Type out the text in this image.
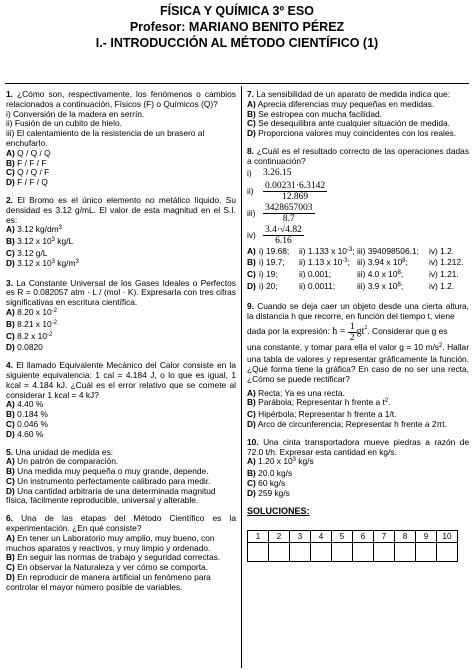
FÍSICA Y QUÍMICA 3º ESO
Profesor: MARIANO BENITO PÉREZ
I.- INTRODUCCIÓN AL MÉTODO CIENTÍFICO (1)
1. ¿Cómo son, respectivamente, los fenómenos o cambios relacionados a continuación, Físicos (F) o Químicos (Q)?
i) Conversión de la madera en serrín.
ii) Fusión de un cubito de hielo.
iii) El calentamiento de la resistencia de un brasero al enchufarlo.
A) Q / Q / Q
B) F / F / F
C) Q / Q / F
D) F / F / Q
2. El Bromo es el único elemento no metálico líquido. Su densidad es 3.12 g/mL. El valor de esta magnitud en el S.I. es:
A) 3.12 $kg/dm^3$
B) 3.12 x $10^3$ kg/L
C) 3.12 g/L
D) 3.12 x $10^3$ $kg/m^3$
3. La Constante Universal de los Gases Ideales o Perfectos es R = 0.082057 atm · L / (mol · K). Expresarla con tres cifras significativas en escritura científica.
A) 8.20 x $10^{-2}$
B) 8.21 x $10^{-2}$
C) 8.2 x $10^{-2}$
D) 0.0820
4. El llamado Equivalente Mecánico del Calor consiste en la siguiente equivalencia: 1 cal = 4.184 J, o lo que es igual, 1 kcal = 4.184 kJ. ¿Cuál es el error relativo que se comete al considerar 1 kcal = 4 kJ?
A) 4.40 %
B) 0.184 %
C) 0.046 %
D) 4.60 %
5. Una unidad de medida es:
A) Un patrón de comparación.
B) Una medida muy pequeña o muy grande, depende.
C) Un instrumento perfectamente calibrado para medir.
D) Una cantidad arbitraria de una determinada magnitud física, fácilmente reproducible, universal y alterable.
6. Una de las etapas del Método Científico es la experimentación. ¿En qué consiste?
A) En tener un Laboratorio muy amplio, muy bueno, con muchos aparatos y reactivos, y muy limpio y ordenado.
B) En seguir las normas de trabajo y seguridad correctas.
C) En observar la Naturaleza y ver cómo se comporta.
D) En reproducir de manera artificial un fenómeno para controlar el mayor número posible de variables.
7. La sensibilidad de un aparato de medida indica que:
A) Aprecia diferencias muy pequeñas en medidas.
B) Se estropea con mucha facilidad.
C) Se desequilibra ante cualquier situación de medida.
D) Proporciona valores muy coincidentes con los reales.
8. ¿Cuál es el resultado correcto de las operaciones dadas a continuación?
i)	3.26.15
$ii) \frac{0.00231\cdot 6.3142}{12.869}$
$iii) \frac{3428657003}{8.7}$
$iv) \frac{3.4\cdot√4.82}{6.16}$
A) i) 19.68;	ii) 1.133 x $10^{-3}$; iii) 394098506.1;	iv) 1.2.
B) i) 19.7;	ii) 1.13 x $10^{-3}$; iii) 3.94 x $10^8$;	iv) 1.212.
C) i) 19;	ii) 0.001;	iii) 4.0 x $10^8$;	iv) 1.21.
D) i) 20;	ii) 0.0011;	iii) 3.9 x $10^8$;	iv) 1.2.
9. Cuando se deja caer un objeto desde una cierta altura, la distancia h que recorre, en función del tiempo t, viene
dada por la expresión:
h =
$\frac{1}{2}$ gt 2 . Considerar que g es
una constante, y tomar para ella el valor g = 10 $m/s^2$. Hallar una tabla de valores y representar gráficamente la función. ¿Qué forma tiene la gráfica? En caso de no ser una recta, ¿Cómo se puede rectificar?
A) Recta; Ya es una recta.
B) Parábola; Representar h frente a $t^2$.
C) Hipérbola; Representar h frente a 1/t.
D) Arco de circunferencia; Representar h frente a 2πt.
10. Una cinta transportadora mueve piedras a razón de 72.0 t/h. Expresar esta cantidad en kg/s.
A) 1.20 x $10^3$ kg/s
B) 20.0 kg/s
C) 60 kg/s
D) 259 kg/s
SOLUCIONES:
1	2	3	4	5	6	7	8	9	10
